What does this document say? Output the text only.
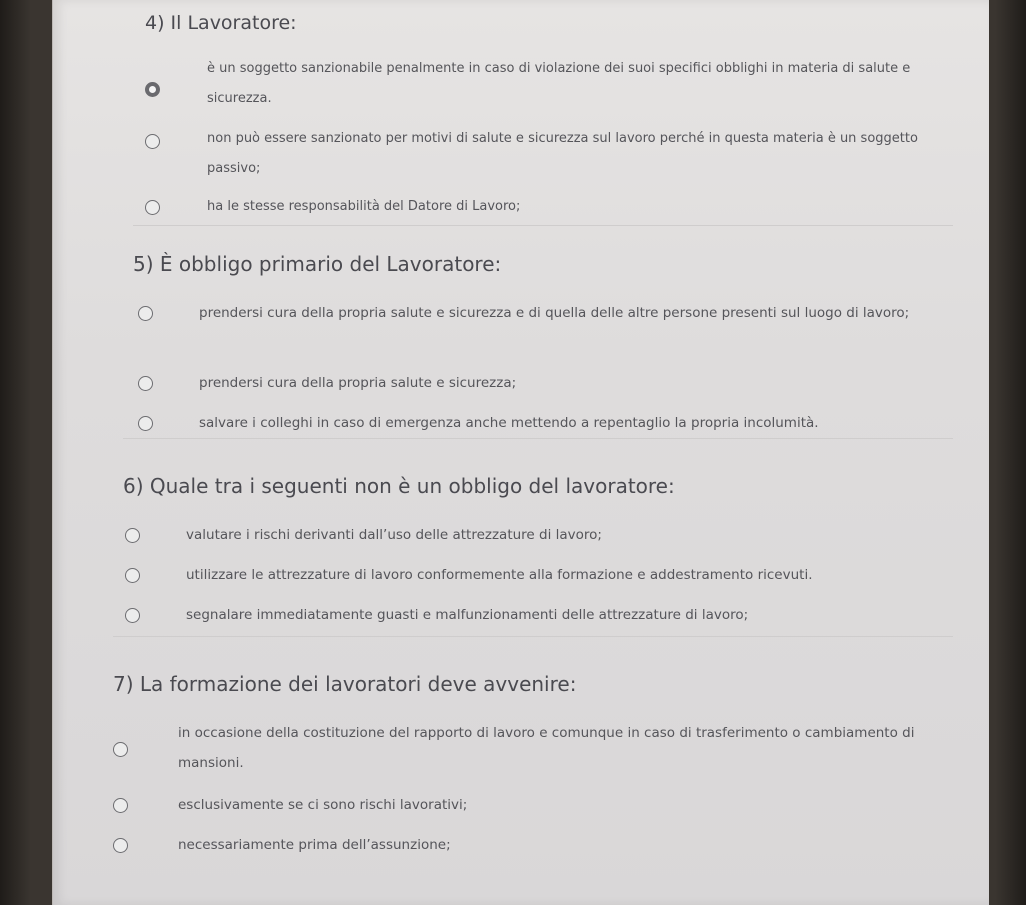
4) Il Lavoratore:
è un soggetto sanzionabile penalmente in caso di violazione dei suoi specifici obblighi in materia di salute e sicurezza.
non può essere sanzionato per motivi di salute e sicurezza sul lavoro perché in questa materia è un soggetto passivo;
ha le stesse responsabilità del Datore di Lavoro;
5) È obbligo primario del Lavoratore:
prendersi cura della propria salute e sicurezza e di quella delle altre persone presenti sul luogo di lavoro;
prendersi cura della propria salute e sicurezza;
salvare i colleghi in caso di emergenza anche mettendo a repentaglio la propria incolumità.
6) Quale tra i seguenti non è un obbligo del lavoratore:
valutare i rischi derivanti dall’uso delle attrezzature di lavoro;
utilizzare le attrezzature di lavoro conformemente alla formazione e addestramento ricevuti.
segnalare immediatamente guasti e malfunzionamenti delle attrezzature di lavoro;
7) La formazione dei lavoratori deve avvenire:
in occasione della costituzione del rapporto di lavoro e comunque in caso di trasferimento o cambiamento di mansioni.
esclusivamente se ci sono rischi lavorativi;
necessariamente prima dell’assunzione;
